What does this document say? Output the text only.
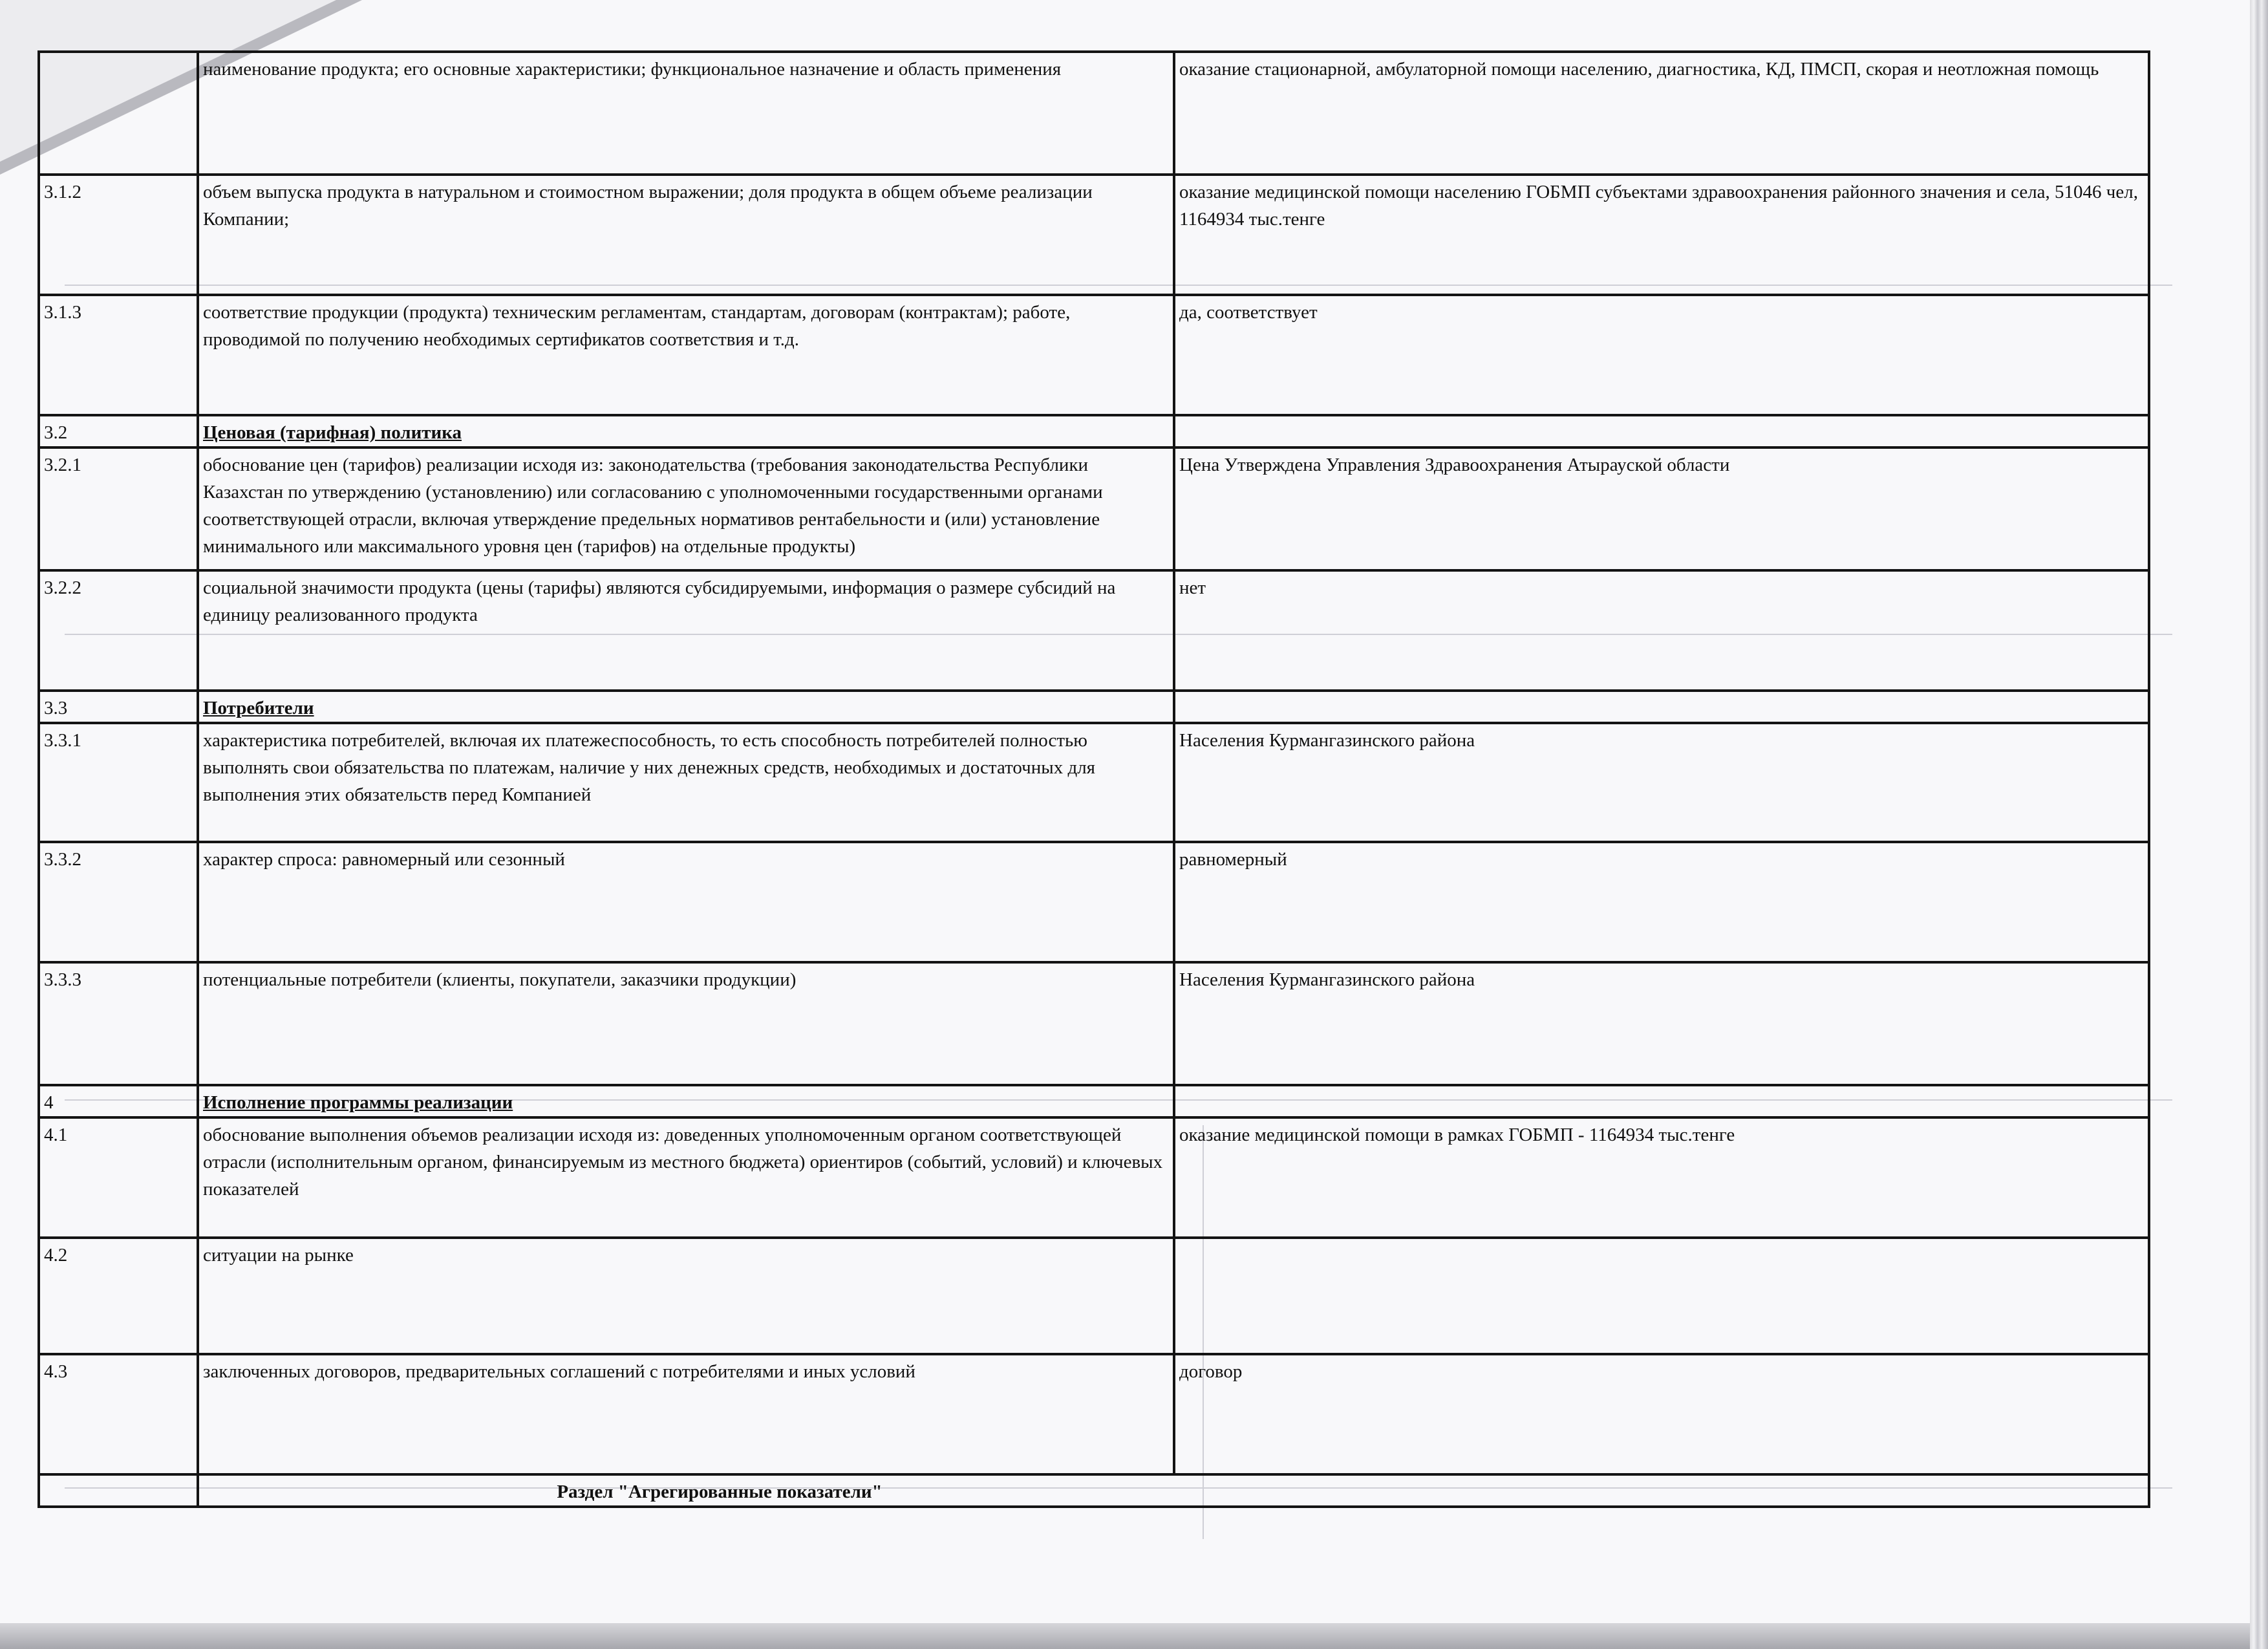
	наименование продукта; его основные характеристики; функциональное назначение и область применения	оказание стационарной, амбулаторной помощи населению, диагностика, КД, ПМСП, скорая и неотложная помощь
3.1.2	объем выпуска продукта в натуральном и стоимостном выражении; доля продукта в общем объеме реализации Компании;	оказание медицинской помощи населению ГОБМП субъектами здравоохранения районного значения и села, 51046 чел, 1164934 тыс.тенге
3.1.3	соответствие продукции (продукта) техническим регламентам, стандартам, договорам (контрактам); работе, проводимой по получению необходимых сертификатов соответствия и т.д.	да, соответствует
3.2	Ценовая (тарифная) политика	
3.2.1	обоснование цен (тарифов) реализации исходя из: законодательства (требования законодательства Республики Казахстан по утверждению (установлению) или согласованию с уполномоченными государственными органами соответствующей отрасли, включая утверждение предельных нормативов рентабельности и (или) установление минимального или максимального уровня цен (тарифов) на отдельные продукты)	Цена Утверждена Управления Здравоохранения Атырауской области
3.2.2	социальной значимости продукта (цены (тарифы) являются субсидируемыми, информация о размере субсидий на единицу реализованного продукта	нет
3.3	Потребители	
3.3.1	характеристика потребителей, включая их платежеспособность, то есть способность потребителей полностью выполнять свои обязательства по платежам, наличие у них денежных средств, необходимых и достаточных для выполнения этих обязательств перед Компанией	Населения Курмангазинского района
3.3.2	характер спроса: равномерный или сезонный	равномерный
3.3.3	потенциальные потребители (клиенты, покупатели, заказчики продукции)	Населения Курмангазинского района
4	Исполнение программы реализации	
4.1	обоснование выполнения объемов реализации исходя из: доведенных уполномоченным органом соответствующей отрасли (исполнительным органом, финансируемым из местного бюджета) ориентиров (событий, условий) и ключевых показателей	оказание медицинской помощи в рамках ГОБМП - 1164934 тыс.тенге
4.2	ситуации на рынке	
4.3	заключенных договоров, предварительных соглашений с потребителями и иных условий	договор
	Раздел "Агрегированные показатели"	
